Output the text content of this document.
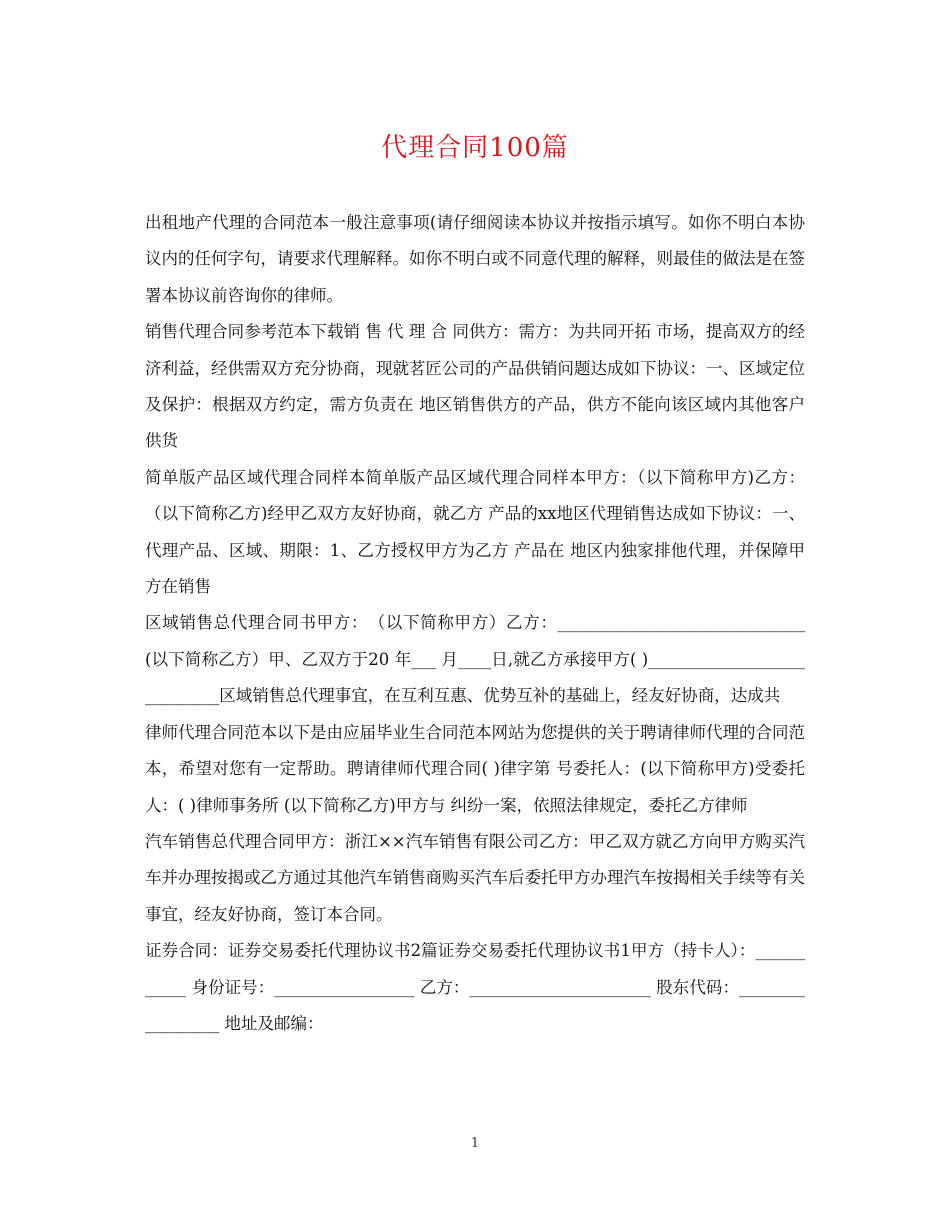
代理合同100篇

出租地产代理的合同范本一般注意事项(请仔细阅读本协议并按指示填写。如你不明白本协议内的任何字句，请要求代理解释。如你不明白或不同意代理的解释，则最佳的做法是在签署本协议前咨询你的律师。

销售代理合同参考范本下载销 售 代 理 合 同供方：需方：为共同开拓 市场，提高双方的经济利益，经供需双方充分协商，现就茗匠公司的产品供销问题达成如下协议：一、区域定位及保护：根据双方约定，需方负责在 地区销售供方的产品，供方不能向该区域内其他客户供货

简单版产品区域代理合同样本简单版产品区域代理合同样本甲方：（以下简称甲方)乙方：（以下简称乙方)经甲乙双方友好协商，就乙方 产品的xx地区代理销售达成如下协议：一、代理产品、区域、期限：1、乙方授权甲方为乙方 产品在 地区内独家排他代理，并保障甲方在销售

区域销售总代理合同书甲方：　（以下简称甲方）乙方：______________________________ (以下简称乙方）甲、乙双方于20 年___ 月____日,就乙方承接甲方( )____________________________区域销售总代理事宜，在互利互惠、优势互补的基础上，经友好协商，达成共

律师代理合同范本以下是由应届毕业生合同范本网站为您提供的关于聘请律师代理的合同范本，希望对您有一定帮助。聘请律师代理合同( )律字第 号委托人：(以下简称甲方)受委托人：( )律师事务所 (以下简称乙方)甲方与 纠纷一案，依照法律规定，委托乙方律师

汽车销售总代理合同甲方：浙江××汽车销售有限公司乙方：甲乙双方就乙方向甲方购买汽车并办理按揭或乙方通过其他汽车销售商购买汽车后委托甲方办理汽车按揭相关手续等有关事宜，经友好协商，签订本合同。

证券合同：证券交易委托代理协议书2篇证券交易委托代理协议书1甲方（持卡人）：___________ 身份证号：_________________ 乙方：______________________ 股东代码：_________________ 地址及邮编：

1
